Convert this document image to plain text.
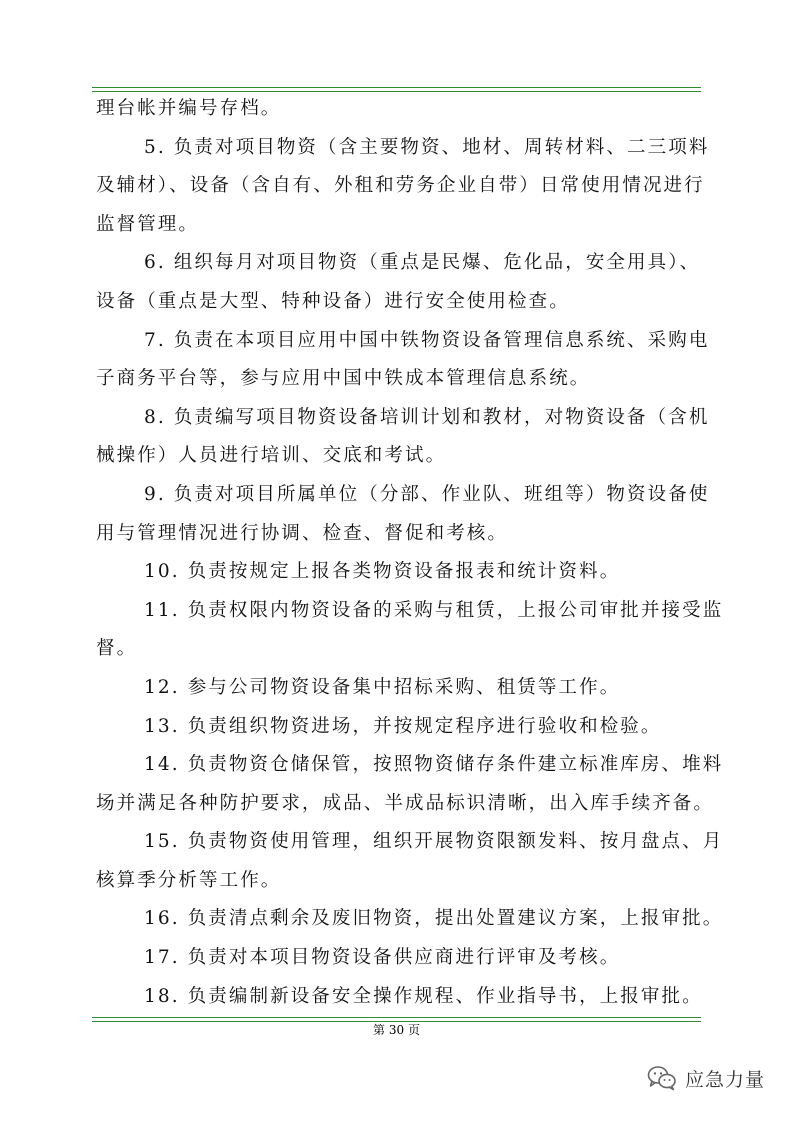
理台帐并编号存档。
5. 负责对项目物资（含主要物资、地材、周转材料、二三项料
及辅材）、设备（含自有、外租和劳务企业自带）日常使用情况进行
监督管理。
6. 组织每月对项目物资（重点是民爆、危化品，安全用具）、
设备（重点是大型、特种设备）进行安全使用检查。
7. 负责在本项目应用中国中铁物资设备管理信息系统、采购电
子商务平台等，参与应用中国中铁成本管理信息系统。
8. 负责编写项目物资设备培训计划和教材，对物资设备（含机
械操作）人员进行培训、交底和考试。
9. 负责对项目所属单位（分部、作业队、班组等）物资设备使
用与管理情况进行协调、检查、督促和考核。
10. 负责按规定上报各类物资设备报表和统计资料。
11. 负责权限内物资设备的采购与租赁，上报公司审批并接受监
督。
12. 参与公司物资设备集中招标采购、租赁等工作。
13. 负责组织物资进场，并按规定程序进行验收和检验。
14. 负责物资仓储保管，按照物资储存条件建立标准库房、堆料
场并满足各种防护要求，成品、半成品标识清晰，出入库手续齐备。
15. 负责物资使用管理，组织开展物资限额发料、按月盘点、月
核算季分析等工作。
16. 负责清点剩余及废旧物资，提出处置建议方案，上报审批。
17. 负责对本项目物资设备供应商进行评审及考核。
18. 负责编制新设备安全操作规程、作业指导书，上报审批。
第 30 页
应急力量
